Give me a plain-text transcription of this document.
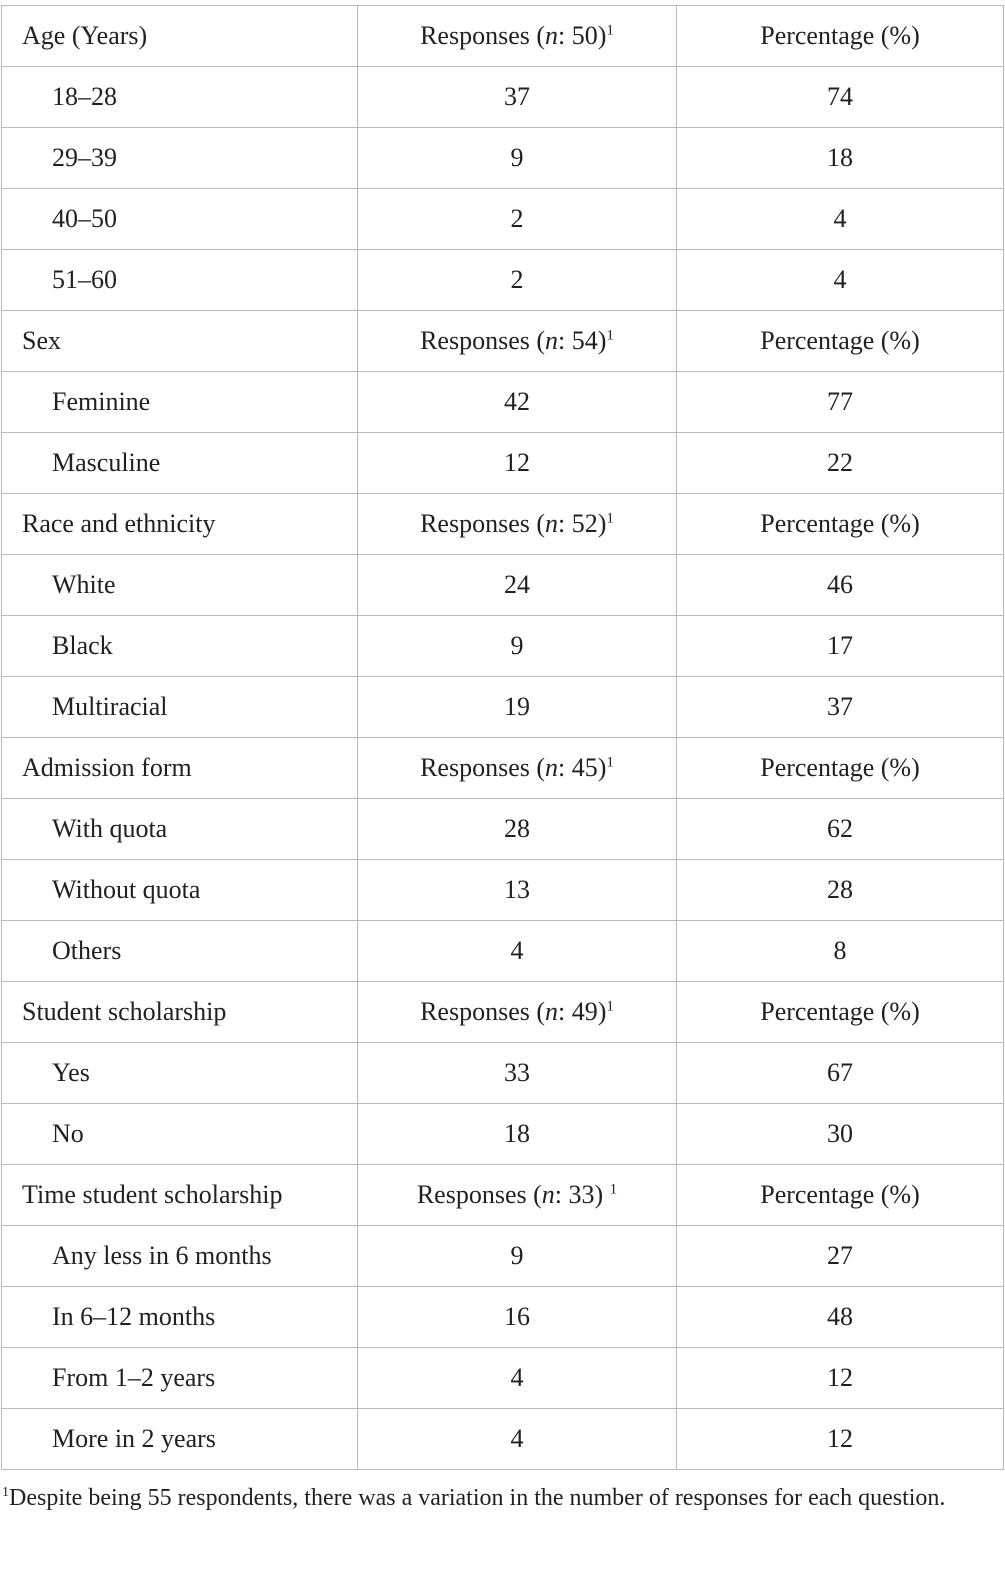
Age (Years)	Responses (n: 50)$^1$	Percentage (%)
18–28	37	74
29–39	9	18
40–50	2	4
51–60	2	4
Sex	Responses (n: 54)$^1$	Percentage (%)
Feminine	42	77
Masculine	12	22
Race and ethnicity	Responses (n: 52)$^1$	Percentage (%)
White	24	46
Black	9	17
Multiracial	19	37
Admission form	Responses (n: 45)$^1$	Percentage (%)
With quota	28	62
Without quota	13	28
Others	4	8
Student scholarship	Responses (n: 49)$^1$	Percentage (%)
Yes	33	67
No	18	30
Time student scholarship	Responses (n: 33) $^1$	Percentage (%)
Any less in 6 months	9	27
In 6–12 months	16	48
From 1–2 years	4	12
More in 2 years	4	12
$^1$Despite being 55 respondents, there was a variation in the number of responses for each question.
